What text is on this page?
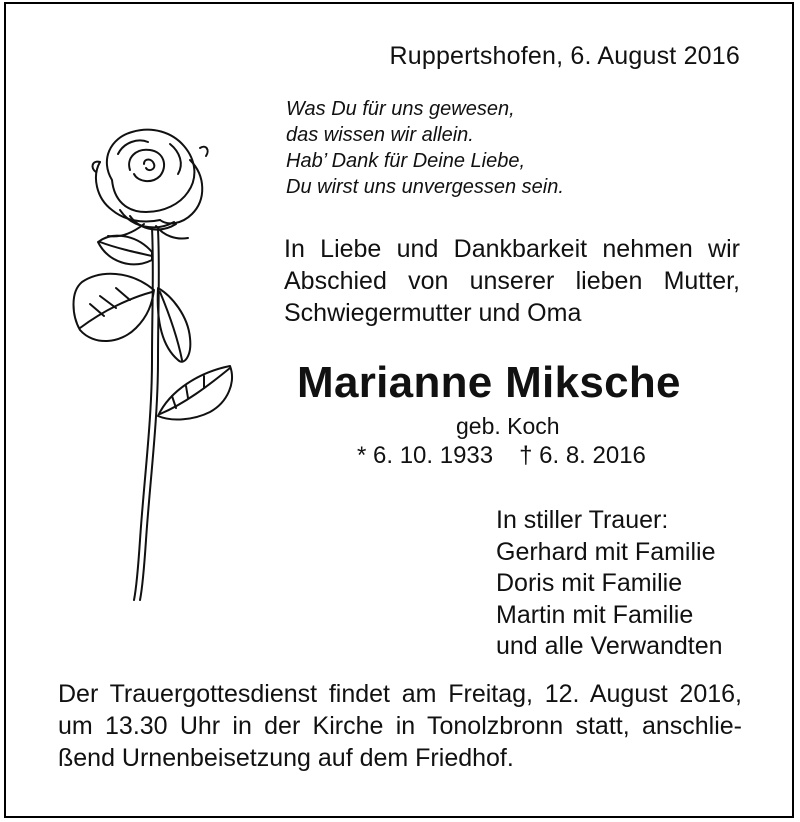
Ruppertshofen, 6. August 2016
Was Du für uns gewesen,
das wissen wir allein.
Hab’ Dank für Deine Liebe,
Du wirst uns unvergessen sein.
In Liebe und Dankbarkeit nehmen wir
Abschied von unserer lieben Mutter,
Schwiegermutter und Oma
Marianne Miksche
geb. Koch
* 6. 10. 1933 † 6. 8. 2016
In stiller Trauer:
Gerhard mit Familie
Doris mit Familie
Martin mit Familie
und alle Verwandten
Der Trauergottesdienst findet am Freitag, 12. August 2016,
um 13.30 Uhr in der Kirche in Tonolzbronn statt, anschlie-
ßend Urnenbeisetzung auf dem Friedhof.
